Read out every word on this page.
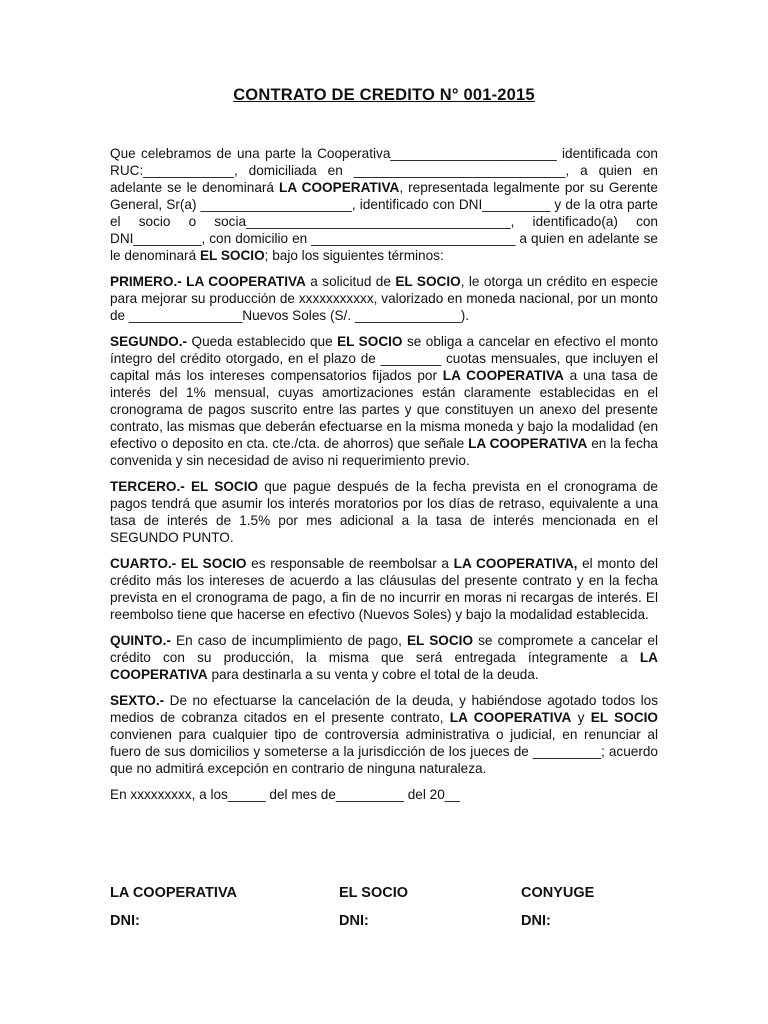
CONTRATO DE CREDITO N° 001-2015

Que celebramos de una parte la Cooperativa______________________ identificada con RUC:____________, domiciliada en ____________________________, a quien en adelante se le denominará LA COOPERATIVA, representada legalmente por su Gerente General, Sr(a) ____________________, identificado con DNI_________ y de la otra parte el socio o socia___________________________________, identificado(a) con DNI_________, con domicilio en ___________________________ a quien en adelante se le denominará EL SOCIO; bajo los siguientes términos:

PRIMERO.- LA COOPERATIVA a solicitud de EL SOCIO, le otorga un crédito en especie para mejorar su producción de xxxxxxxxxxx, valorizado en moneda nacional, por un monto de _______________Nuevos Soles (S/. ______________).

SEGUNDO.- Queda establecido que EL SOCIO se obliga a cancelar en efectivo el monto íntegro del crédito otorgado, en el plazo de ________ cuotas mensuales, que incluyen el capital más los intereses compensatorios fijados por LA COOPERATIVA a una tasa de interés del 1% mensual, cuyas amortizaciones están claramente establecidas en el cronograma de pagos suscrito entre las partes y que constituyen un anexo del presente contrato, las mismas que deberán efectuarse en la misma moneda y bajo la modalidad (en efectivo o deposito en cta. cte./cta. de ahorros) que señale LA COOPERATIVA en la fecha convenida y sin necesidad de aviso ni requerimiento previo.

TERCERO.- EL SOCIO que pague después de la fecha prevista en el cronograma de pagos tendrá que asumir los interés moratorios por los días de retraso, equivalente a una tasa de interés de 1.5% por mes adicional a la tasa de interés mencionada en el SEGUNDO PUNTO.

CUARTO.- EL SOCIO es responsable de reembolsar a LA COOPERATIVA, el monto del crédito más los intereses de acuerdo a las cláusulas del presente contrato y en la fecha prevista en el cronograma de pago, a fin de no incurrir en moras ni recargas de interés. El reembolso tiene que hacerse en efectivo (Nuevos Soles) y bajo la modalidad establecida.

QUINTO.- En caso de incumplimiento de pago, EL SOCIO se compromete a cancelar el crédito con su producción, la misma que será entregada íntegramente a LA COOPERATIVA para destinarla a su venta y cobre el total de la deuda.

SEXTO.- De no efectuarse la cancelación de la deuda, y habiéndose agotado todos los medios de cobranza citados en el presente contrato, LA COOPERATIVA y EL SOCIO convienen para cualquier tipo de controversia administrativa o judicial, en renunciar al fuero de sus domicilios y someterse a la jurisdicción de los jueces de _________; acuerdo que no admitirá excepción en contrario de ninguna naturaleza.

En xxxxxxxxx, a los_____ del mes de_________ del 20__

LA COOPERATIVA
DNI:
EL SOCIO
DNI:
CONYUGE
DNI:
